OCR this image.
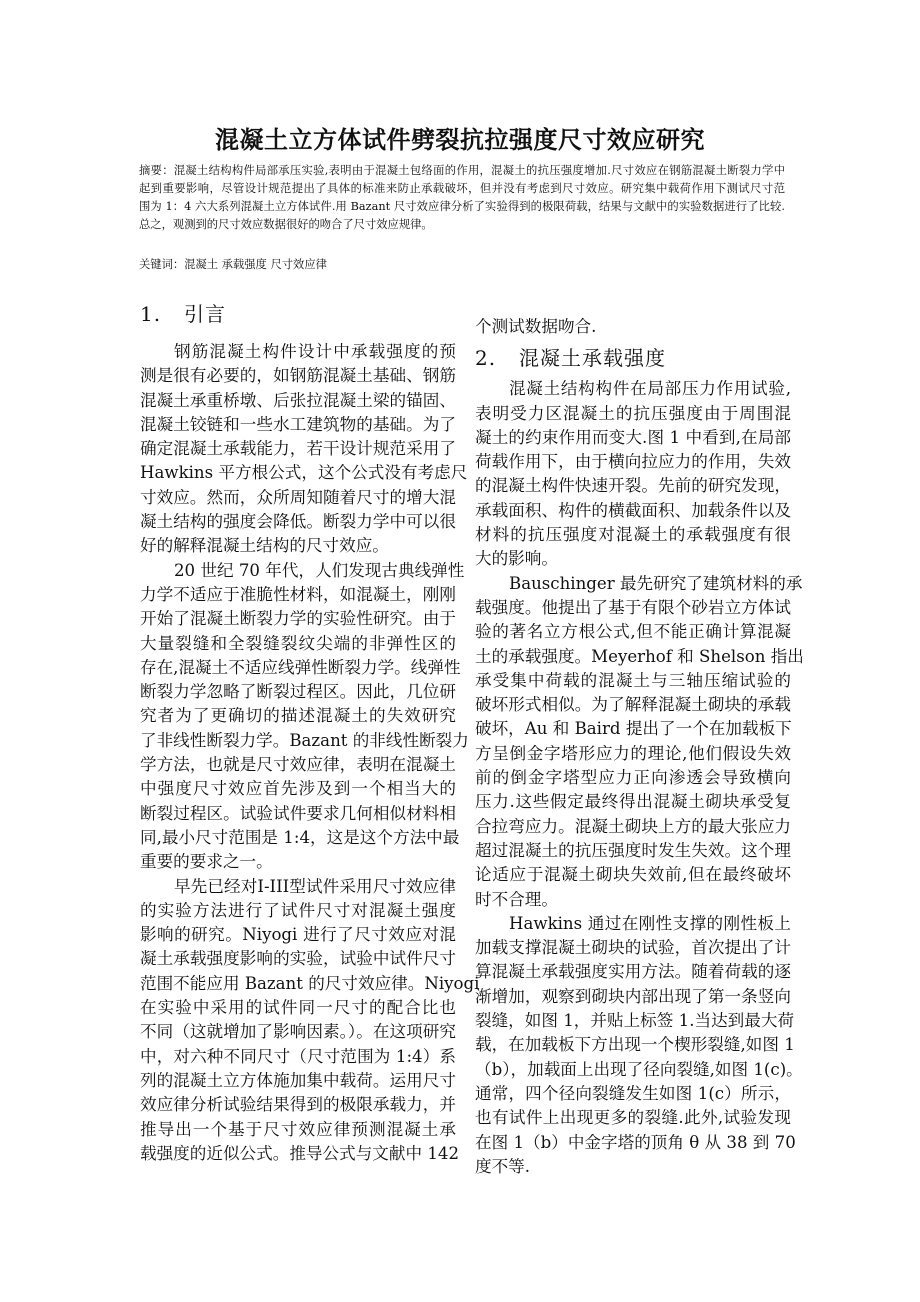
混凝土立方体试件劈裂抗拉强度尺寸效应研究
摘要：混凝土结构构件局部承压实验,表明由于混凝土包络面的作用，混凝土的抗压强度增加.尺寸效应在钢筋混凝土断裂力学中
起到重要影响，尽管设计规范提出了具体的标准来防止承载破坏，但并没有考虑到尺寸效应。研究集中载荷作用下测试尺寸范
围为 1：4 六大系列混凝土立方体试件.用 Bazant 尺寸效应律分析了实验得到的极限荷载，结果与文献中的实验数据进行了比较.
总之，观测到的尺寸效应数据很好的吻合了尺寸效应规律。
关键词：混凝土 承载强度 尺寸效应律
1. 引言
钢筋混凝土构件设计中承载强度的预
测是很有必要的，如钢筋混凝土基础、钢筋
混凝土承重桥墩、后张拉混凝土梁的锚固、
混凝土铰链和一些水工建筑物的基础。为了
确定混凝土承载能力，若干设计规范采用了
Hawkins 平方根公式，这个公式没有考虑尺
寸效应。然而，众所周知随着尺寸的增大混
凝土结构的强度会降低。断裂力学中可以很
好的解释混凝土结构的尺寸效应。
20 世纪 70 年代，人们发现古典线弹性
力学不适应于准脆性材料，如混凝土，刚刚
开始了混凝土断裂力学的实验性研究。由于
大量裂缝和全裂缝裂纹尖端的非弹性区的
存在,混凝土不适应线弹性断裂力学。线弹性
断裂力学忽略了断裂过程区。因此，几位研
究者为了更确切的描述混凝土的失效研究
了非线性断裂力学。Bazant 的非线性断裂力
学方法，也就是尺寸效应律，表明在混凝土
中强度尺寸效应首先涉及到一个相当大的
断裂过程区。试验试件要求几何相似材料相
同,最小尺寸范围是 1:4，这是这个方法中最
重要的要求之一。
早先已经对I-III型试件采用尺寸效应律
的实验方法进行了试件尺寸对混凝土强度
影响的研究。Niyogi 进行了尺寸效应对混
凝土承载强度影响的实验，试验中试件尺寸
范围不能应用 Bazant 的尺寸效应律。Niyogi
在实验中采用的试件同一尺寸的配合比也
不同（这就增加了影响因素。）。在这项研究
中，对六种不同尺寸（尺寸范围为 1:4）系
列的混凝土立方体施加集中载荷。运用尺寸
效应律分析试验结果得到的极限承载力，并
推导出一个基于尺寸效应律预测混凝土承
载强度的近似公式。推导公式与文献中 142
个测试数据吻合.
2. 混凝土承载强度
混凝土结构构件在局部压力作用试验,
表明受力区混凝土的抗压强度由于周围混
凝土的约束作用而变大.图 1 中看到,在局部
荷载作用下，由于横向拉应力的作用，失效
的混凝土构件快速开裂。先前的研究发现，
承载面积、构件的横截面积、加载条件以及
材料的抗压强度对混凝土的承载强度有很
大的影响。
Bauschinger 最先研究了建筑材料的承
载强度。他提出了基于有限个砂岩立方体试
验的著名立方根公式,但不能正确计算混凝
土的承载强度。Meyerhof 和 Shelson 指出
承受集中荷载的混凝土与三轴压缩试验的
破坏形式相似。为了解释混凝土砌块的承载
破坏，Au 和 Baird 提出了一个在加载板下
方呈倒金字塔形应力的理论,他们假设失效
前的倒金字塔型应力正向渗透会导致横向
压力.这些假定最终得出混凝土砌块承受复
合拉弯应力。混凝土砌块上方的最大张应力
超过混凝土的抗压强度时发生失效。这个理
论适应于混凝土砌块失效前,但在最终破坏
时不合理。
Hawkins 通过在刚性支撑的刚性板上
加载支撑混凝土砌块的试验，首次提出了计
算混凝土承载强度实用方法。随着荷载的逐
渐增加，观察到砌块内部出现了第一条竖向
裂缝，如图 1，并贴上标签 1.当达到最大荷
载，在加载板下方出现一个楔形裂缝,如图 1
（b），加载面上出现了径向裂缝,如图 1(c)。
通常，四个径向裂缝发生如图 1(c）所示，
也有试件上出现更多的裂缝.此外,试验发现
在图 1（b）中金字塔的顶角 θ 从 38 到 70
度不等.
